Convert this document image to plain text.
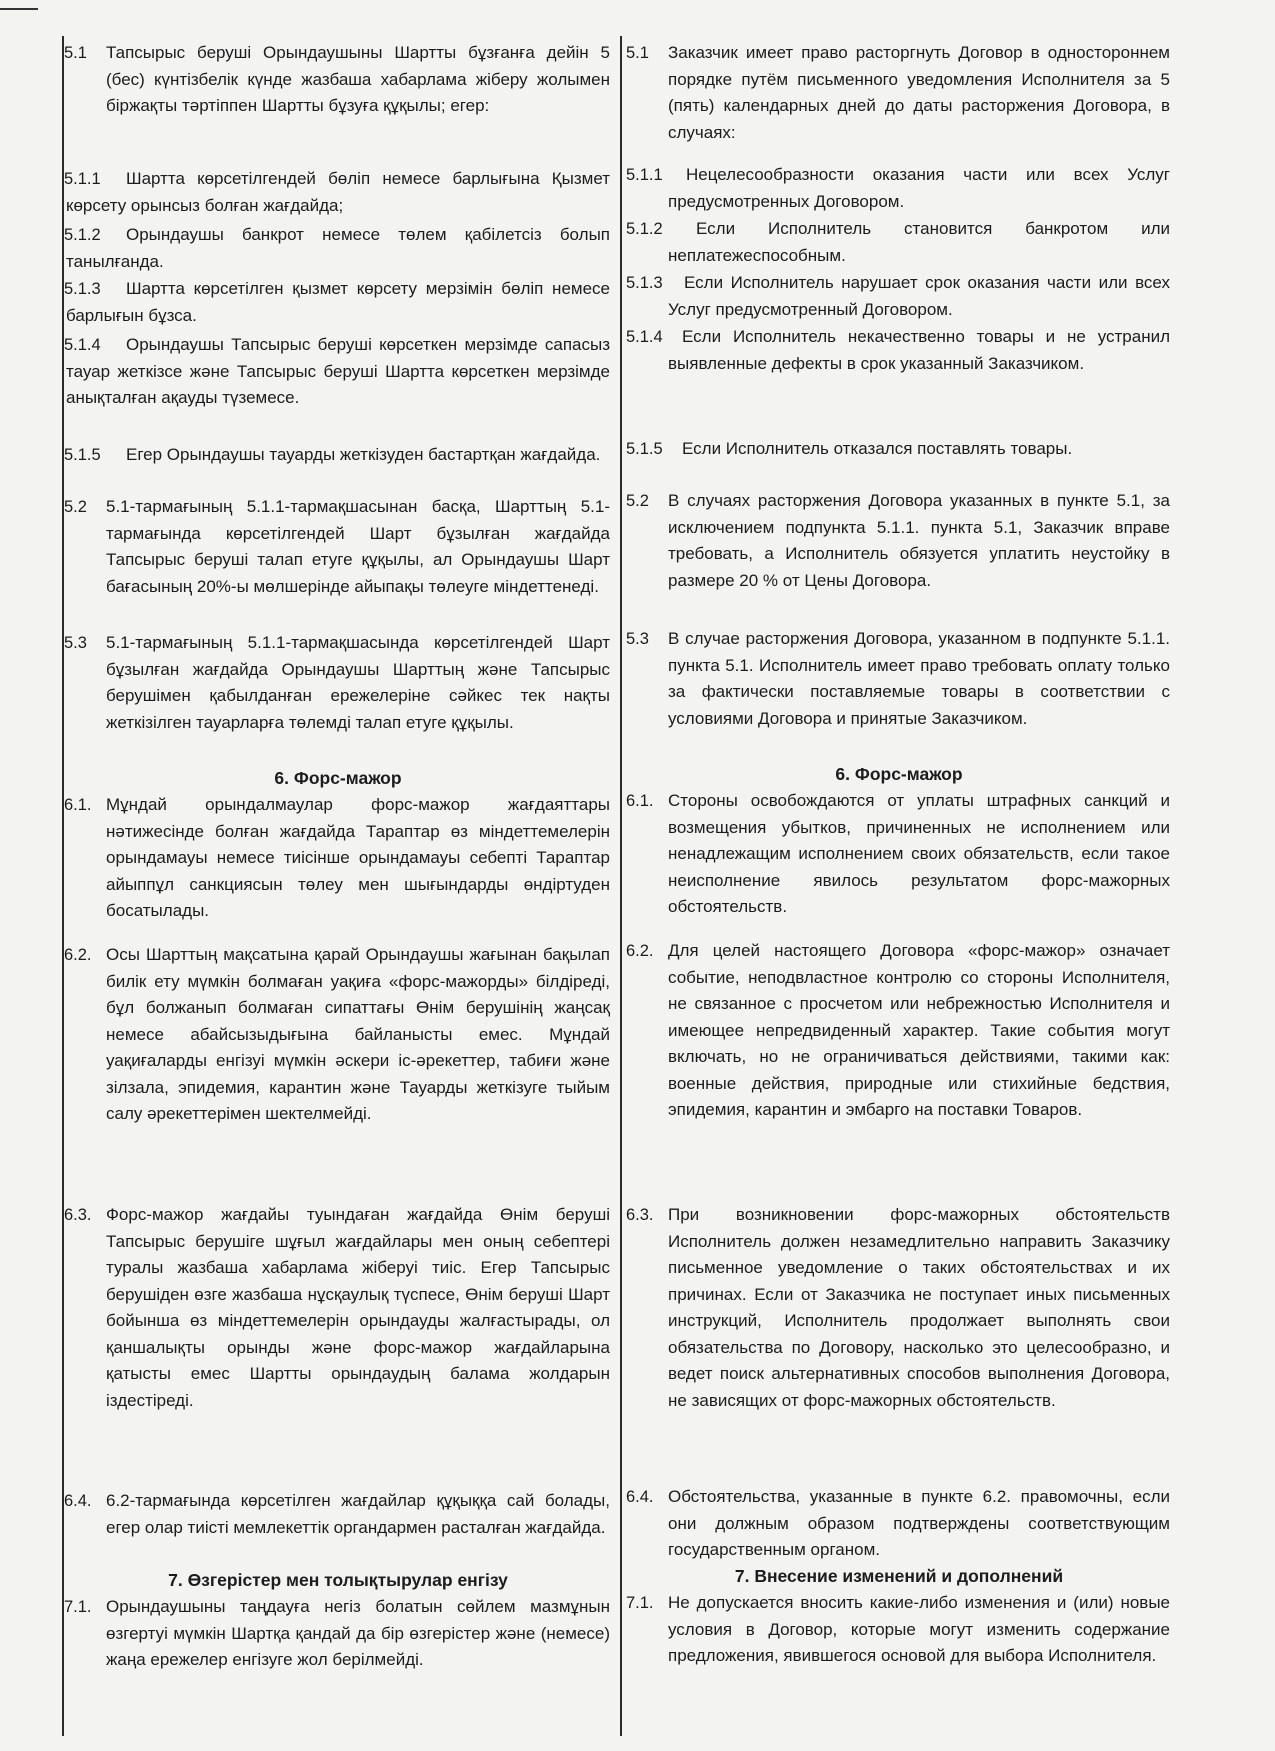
5.1 Тапсырыс беруші Орындаушыны Шартты бұзғанға дейін 5 (бес) күнтізбелік күнде жазбаша хабарлама жіберу жолымен біржақты тәртіппен Шартты бұзуға құқылы; егер:
5.1.1	Шартта көрсетілгендей бөліп немесе барлығына Қызмет көрсету орынсыз болған жағдайда;
5.1.2	Орындаушы банкрот немесе төлем қабілетсіз болып танылғанда.
5.1.3	Шартта көрсетілген қызмет көрсету мерзімін бөліп немесе барлығын бұзса.
5.1.4	Орындаушы Тапсырыс беруші көрсеткен мерзімде сапасыз тауар жеткізсе және Тапсырыс беруші Шартта көрсеткен мерзімде анықталған ақауды түземесе.
5.1.5	Егер Орындаушы тауарды жеткізуден бастартқан жағдайда.
5.2 5.1-тармағының 5.1.1-тармақшасынан басқа, Шарттың 5.1-тармағында көрсетілгендей Шарт бұзылған жағдайда Тапсырыс беруші талап етуге құқылы, ал Орындаушы Шарт бағасының 20%-ы мөлшерінде айыпақы төлеуге міндеттенеді.
5.3 5.1-тармағының 5.1.1-тармақшасында көрсетілгендей Шарт бұзылған жағдайда Орындаушы Шарттың және Тапсырыс берушімен қабылданған ережелеріне сәйкес тек нақты жеткізілген тауарларға төлемді талап етуге құқылы.
6. Форс-мажор
6.1. Мұндай орындалмаулар форс-мажор жағдаяттары нәтижесінде болған жағдайда Тараптар өз міндеттемелерін орындамауы немесе тиісінше орындамауы себепті Тараптар айыппұл санкциясын төлеу мен шығындарды өндіртуден босатылады.
6.2. Осы Шарттың мақсатына қарай Орындаушы жағынан бақылап билік ету мүмкін болмаған уақиға «форс-мажорды» білдіреді, бұл болжанып болмаған сипаттағы Өнім берушінің жаңсақ немесе абайсызыдығына байланысты емес. Мұндай уақиғаларды енгізуі мүмкін әскери іс-әрекеттер, табиғи және зілзала, эпидемия, карантин және Тауарды жеткізуге тыйым салу әрекеттерімен шектелмейді.
6.3. Форс-мажор жағдайы туындаған жағдайда Өнім беруші Тапсырыс берушіге шұғыл жағдайлары мен оның себептері туралы жазбаша хабарлама жіберуі тиіс. Егер Тапсырыс берушіден өзге жазбаша нұсқаулық түспесе, Өнім беруші Шарт бойынша өз міндеттемелерін орындауды жалғастырады, ол қаншалықты орынды және форс-мажор жағдайларына қатысты емес Шартты орындаудың балама жолдарын іздестіреді.
6.4. 6.2-тармағында көрсетілген жағдайлар құқыққа сай болады, егер олар тиісті мемлекеттік органдармен расталған жағдайда.
7. Өзгерістер мен толықтырулар енгізу
7.1. Орындаушыны таңдауға негіз болатын сөйлем мазмұнын өзгертуі мүмкін Шартқа қандай да бір өзгерістер және (немесе) жаңа ережелер енгізуге жол берілмейді.
5.1 Заказчик имеет право расторгнуть Договор в одностороннем порядке путём письменного уведомления Исполнителя за 5 (пять) календарных дней до даты расторжения Договора, в случаях:
5.1.1	Нецелесообразности оказания части или всех Услуг предусмотренных Договором.
5.1.2	Если Исполнитель становится банкротом или неплатежеспособным.
5.1.3	Если Исполнитель нарушает срок оказания части или всех Услуг предусмотренный Договором.
5.1.4	Если Исполнитель некачественно товары и не устранил выявленные дефекты в срок указанный Заказчиком.
5.1.5	Если Исполнитель отказался поставлять товары.
5.2 В случаях расторжения Договора указанных в пункте 5.1, за исключением подпункта 5.1.1. пункта 5.1, Заказчик вправе требовать, а Исполнитель обязуется уплатить неустойку в размере 20 % от Цены Договора.
5.3 В случае расторжения Договора, указанном в подпункте 5.1.1. пункта 5.1. Исполнитель имеет право требовать оплату только за фактически поставляемые товары в соответствии с условиями Договора и принятые Заказчиком.
6. Форс-мажор
6.1. Стороны освобождаются от уплаты штрафных санкций и возмещения убытков, причиненных не исполнением или ненадлежащим исполнением своих обязательств, если такое неисполнение явилось результатом форс-мажорных обстоятельств.
6.2. Для целей настоящего Договора «форс-мажор» означает событие, неподвластное контролю со стороны Исполнителя, не связанное с просчетом или небрежностью Исполнителя и имеющее непредвиденный характер. Такие события могут включать, но не ограничиваться действиями, такими как: военные действия, природные или стихийные бедствия, эпидемия, карантин и эмбарго на поставки Товаров.
6.3. При возникновении форс-мажорных обстоятельств Исполнитель должен незамедлительно направить Заказчику письменное уведомление о таких обстоятельствах и их причинах. Если от Заказчика не поступает иных письменных инструкций, Исполнитель продолжает выполнять свои обязательства по Договору, насколько это целесообразно, и ведет поиск альтернативных способов выполнения Договора, не зависящих от форс-мажорных обстоятельств.
6.4. Обстоятельства, указанные в пункте 6.2. правомочны, если они должным образом подтверждены соответствующим государственным органом.
7. Внесение изменений и дополнений
7.1. Не допускается вносить какие-либо изменения и (или) новые условия в Договор, которые могут изменить содержание предложения, явившегося основой для выбора Исполнителя.
